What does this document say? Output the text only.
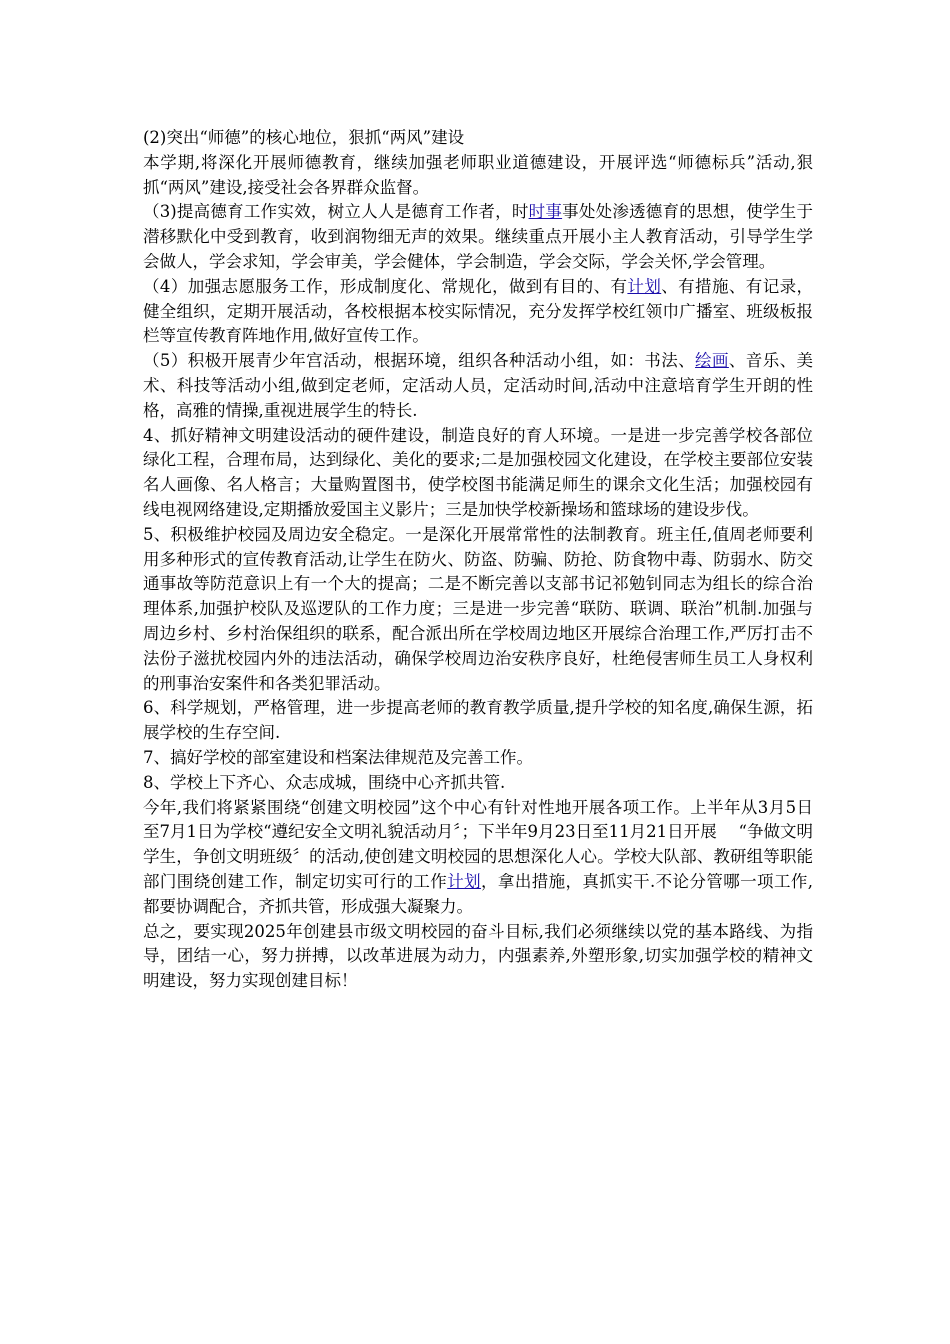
(2)突出“师德”的核心地位，狠抓“两风”建设

本学期,将深化开展师德教育，继续加强老师职业道德建设，开展评选“师德标兵”活动,狠抓“两风”建设,接受社会各界群众监督。

（3)提高德育工作实效，树立人人是德育工作者，时时事事处处渗透德育的思想，使学生于潜移默化中受到教育，收到润物细无声的效果。继续重点开展小主人教育活动，引导学生学会做人，学会求知，学会审美，学会健体，学会制造，学会交际，学会关怀,学会管理。

（4）加强志愿服务工作，形成制度化、常规化，做到有目的、有计划、有措施、有记录，健全组织，定期开展活动，各校根据本校实际情况，充分发挥学校红领巾广播室、班级板报栏等宣传教育阵地作用,做好宣传工作。

（5）积极开展青少年宫活动，根据环境，组织各种活动小组，如：书法、绘画、音乐、美术、科技等活动小组,做到定老师，定活动人员，定活动时间,活动中注意培育学生开朗的性格，高雅的情操,重视进展学生的特长.

4、抓好精神文明建设活动的硬件建设，制造良好的育人环境。一是进一步完善学校各部位绿化工程，合理布局，达到绿化、美化的要求;二是加强校园文化建设，在学校主要部位安装名人画像、名人格言；大量购置图书，使学校图书能满足师生的课余文化生活；加强校园有线电视网络建设,定期播放爱国主义影片；三是加快学校新操场和篮球场的建设步伐。

5、积极维护校园及周边安全稳定。一是深化开展常常性的法制教育。班主任,值周老师要利用多种形式的宣传教育活动,让学生在防火、防盗、防骗、防抢、防食物中毒、防弱水、防交通事故等防范意识上有一个大的提高；二是不断完善以支部书记祁勉钊同志为组长的综合治理体系,加强护校队及巡逻队的工作力度；三是进一步完善“联防、联调、联治”机制.加强与周边乡村、乡村治保组织的联系，配合派出所在学校周边地区开展综合治理工作,严厉打击不法份子滋扰校园内外的违法活动，确保学校周边治安秩序良好，杜绝侵害师生员工人身权利的刑事治安案件和各类犯罪活动。

6、科学规划，严格管理，进一步提高老师的教育教学质量,提升学校的知名度,确保生源，拓展学校的生存空间.

7、搞好学校的部室建设和档案法律规范及完善工作。

8、学校上下齐心、众志成城，围绕中心齐抓共管.

今年,我们将紧紧围绕“创建文明校园”这个中心有针对性地开展各项工作。上半年从3月5日至7月1日为学校“遵纪安全文明礼貌活动月〞；下半年9月23日至11月21日开展　 “争做文明学生，争创文明班级〞的活动,使创建文明校园的思想深化人心。学校大队部、教研组等职能部门围绕创建工作，制定切实可行的工作计划，拿出措施，真抓实干.不论分管哪一项工作,都要协调配合，齐抓共管，形成强大凝聚力。

总之，要实现2025年创建县市级文明校园的奋斗目标,我们必须继续以党的基本路线、为指导，团结一心，努力拼搏，以改革进展为动力，内强素养,外塑形象,切实加强学校的精神文明建设，努力实现创建目标！
